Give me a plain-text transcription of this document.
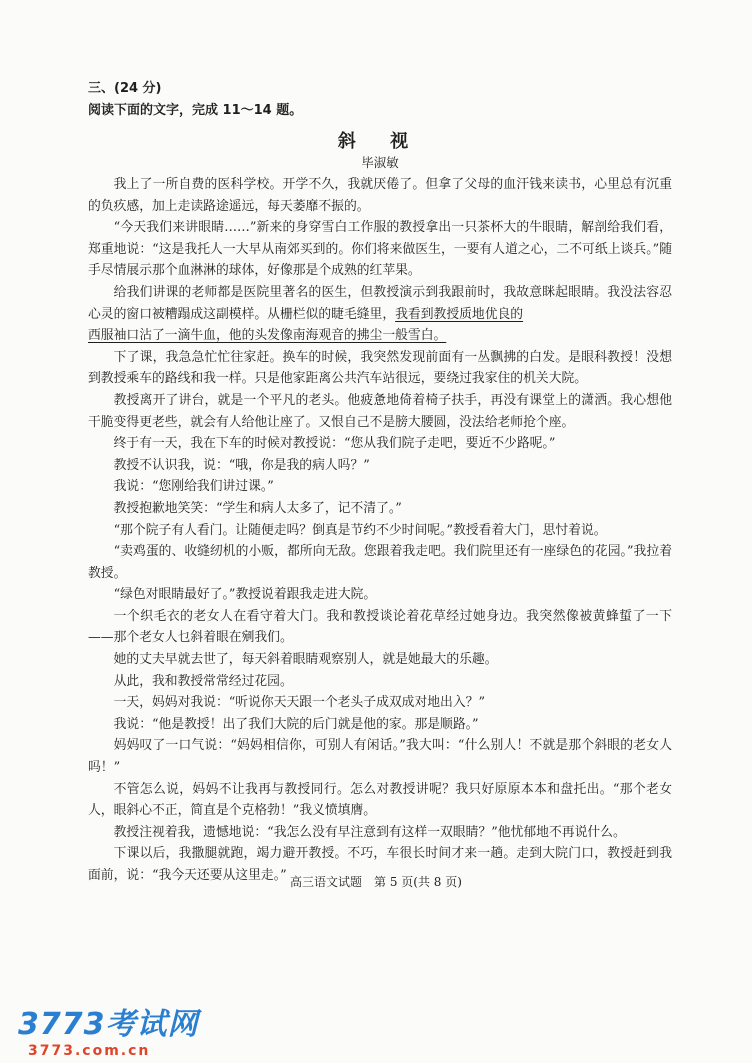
三、(24 分)
阅读下面的文字，完成 11～14 题。
斜 视
毕淑敏

我上了一所自费的医科学校。开学不久，我就厌倦了。但拿了父母的血汗钱来读书，心里总有沉重的负疚感，加上走读路途遥远，每天萎靡不振的。

“今天我们来讲眼睛……”新来的身穿雪白工作服的教授拿出一只茶杯大的牛眼睛，解剖给我们看，郑重地说：“这是我托人一大早从南郊买到的。你们将来做医生，一要有人道之心，二不可纸上谈兵。”随手尽情展示那个血淋淋的球体，好像那是个成熟的红苹果。

给我们讲课的老师都是医院里著名的医生，但教授演示到我跟前时，我故意眯起眼睛。我没法容忍心灵的窗口被糟蹋成这副模样。从栅栏似的睫毛缝里，我看到教授质地优良的

西服袖口沾了一滴牛血，他的头发像南海观音的拂尘一般雪白。

下了课，我急急忙忙往家赶。换车的时候，我突然发现前面有一丛飘拂的白发。是眼科教授！没想到教授乘车的路线和我一样。只是他家距离公共汽车站很远，要绕过我家住的机关大院。

教授离开了讲台，就是一个平凡的老头。他疲惫地倚着椅子扶手，再没有课堂上的潇洒。我心想他干脆变得更老些，就会有人给他让座了。又恨自己不是膀大腰圆，没法给老师抢个座。

终于有一天，我在下车的时候对教授说：“您从我们院子走吧，要近不少路呢。”

教授不认识我，说：“哦，你是我的病人吗？”

我说：“您刚给我们讲过课。”

教授抱歉地笑笑：“学生和病人太多了，记不清了。”

“那个院子有人看门。让随便走吗？倒真是节约不少时间呢。”教授看着大门，思忖着说。

“卖鸡蛋的、收缝纫机的小贩，都所向无敌。您跟着我走吧。我们院里还有一座绿色的花园。”我拉着教授。

“绿色对眼睛最好了。”教授说着跟我走进大院。

一个织毛衣的老女人在看守着大门。我和教授谈论着花草经过她身边。我突然像被黄蜂蜇了一下——那个老女人乜斜着眼在剜我们。

她的丈夫早就去世了，每天斜着眼睛观察别人，就是她最大的乐趣。

从此，我和教授常常经过花园。

一天，妈妈对我说：“听说你天天跟一个老头子成双成对地出入？”

我说：“他是教授！出了我们大院的后门就是他的家。那是顺路。”

妈妈叹了一口气说：“妈妈相信你，可别人有闲话。”我大叫：“什么别人！不就是那个斜眼的老女人吗！”

不管怎么说，妈妈不让我再与教授同行。怎么对教授讲呢？我只好原原本本和盘托出。“那个老女人，眼斜心不正，简直是个克格勃！”我义愤填膺。

教授注视着我，遗憾地说：“我怎么没有早注意到有这样一双眼睛？”他忧郁地不再说什么。

下课以后，我撒腿就跑，竭力避开教授。不巧，车很长时间才来一趟。走到大院门口，教授赶到我面前，说：“我今天还要从这里走。” 高三语文试题　第 5 页(共 8 页)
3773考试网
3773.com.cn
